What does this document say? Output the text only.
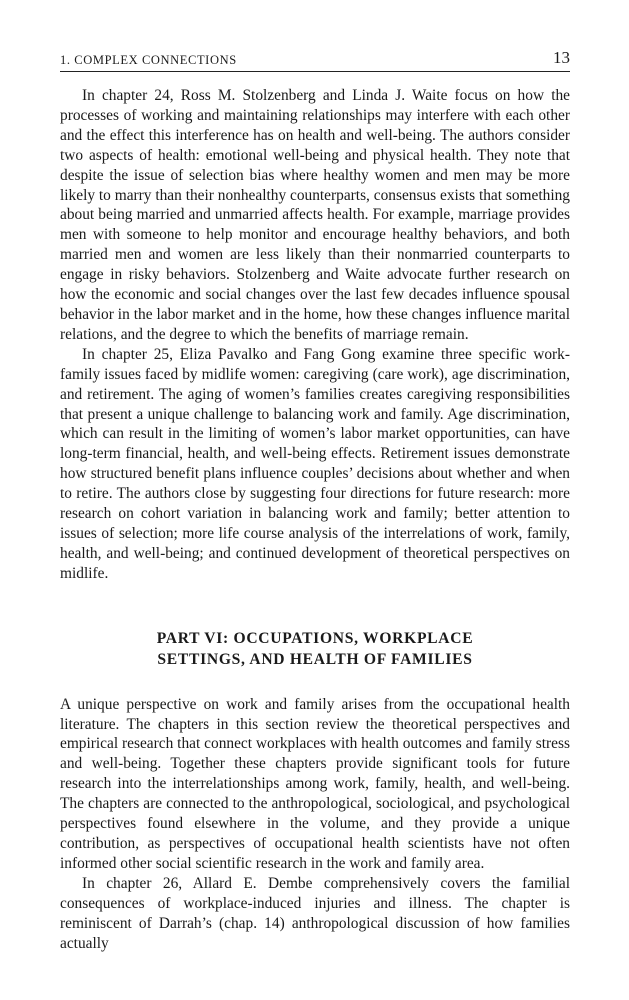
1. COMPLEX CONNECTIONS	13

In chapter 24, Ross M. Stolzenberg and Linda J. Waite focus on how the processes of working and maintaining relationships may interfere with each other and the effect this interference has on health and well-being. The authors consider two aspects of health: emotional well-being and physical health. They note that despite the issue of selection bias where healthy women and men may be more likely to marry than their nonhealthy counterparts, consensus exists that something about being married and unmarried affects health. For example, marriage provides men with someone to help monitor and encourage healthy behaviors, and both married men and women are less likely than their nonmarried counterparts to engage in risky behaviors. Stolzenberg and Waite advocate further research on how the economic and social changes over the last few decades influence spousal behavior in the labor market and in the home, how these changes influence marital relations, and the degree to which the benefits of marriage remain.

In chapter 25, Eliza Pavalko and Fang Gong examine three specific work-family issues faced by midlife women: caregiving (care work), age discrimination, and retirement. The aging of women’s families creates caregiving responsibilities that present a unique challenge to balancing work and family. Age discrimination, which can result in the limiting of women’s labor market opportunities, can have long-term financial, health, and well-being effects. Retirement issues demonstrate how structured benefit plans influence couples’ decisions about whether and when to retire. The authors close by suggesting four directions for future research: more research on cohort variation in balancing work and family; better attention to issues of selection; more life course analysis of the interrelations of work, family, health, and well-being; and continued development of theoretical perspectives on midlife.

PART VI: OCCUPATIONS, WORKPLACE
SETTINGS, AND HEALTH OF FAMILIES

A unique perspective on work and family arises from the occupational health literature. The chapters in this section review the theoretical perspectives and empirical research that connect workplaces with health outcomes and family stress and well-being. Together these chapters provide significant tools for future research into the interrelationships among work, family, health, and well-being. The chapters are connected to the anthropological, sociological, and psychological perspectives found elsewhere in the volume, and they provide a unique contribution, as perspectives of occupational health scientists have not often informed other social scientific research in the work and family area.

In chapter 26, Allard E. Dembe comprehensively covers the familial consequences of workplace-induced injuries and illness. The chapter is reminiscent of Darrah’s (chap. 14) anthropological discussion of how families actually
